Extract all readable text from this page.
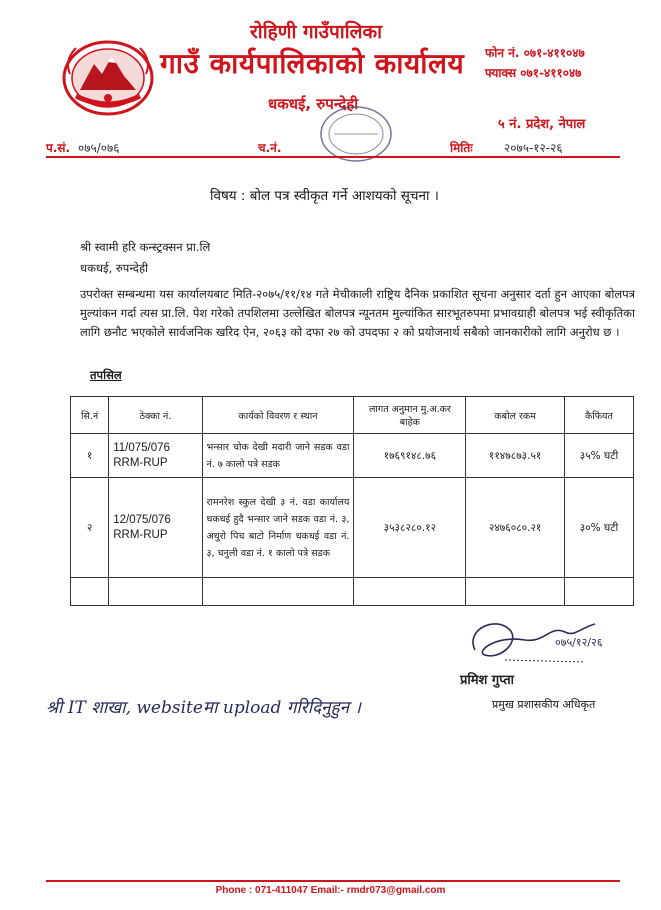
रोहिणी गाउँपालिका
गाउँ कार्यपालिकाको कार्यालय
धकधई, रुपन्देही
फोन नं. ०७१-४११०४७
फ्याक्स ०७१-४११०४७
५ नं. प्रदेश, नेपाल
प.सं. ०७५/०७६	च.नं.	मितिः	२०७५-१२-२६
विषय : बोल पत्र स्वीकृत गर्ने आशयको सूचना ।
श्री स्वामी हरि कन्स्ट्रक्सन प्रा.लि
धकधई, रुपन्देही
उपरोक्त सम्बन्धमा यस कार्यालयबाट मिति-२०७५/११/१४ गते मेचीकाली राष्ट्रिय दैनिक प्रकाशित सूचना अनुसार दर्ता हुन आएका बोलपत्र मुल्यांकन गर्दा त्यस प्रा.लि. पेश गरेको तपशिलमा उल्लेखित बोलपत्र न्यूनतम मुल्यांकित सारभूतरुपमा प्रभावग्राही बोलपत्र भई स्वीकृतिका लागि छनौट भएकोले सार्वजनिक खरिद ऐन, २०६३ को दफा २७ को उपदफा २ को प्रयोजनार्थ सबैको जानकारीको लागि अनुरोध छ ।
तपसिल
सि.नं	ठेक्का नं.	कार्यको विवरण र स्थान	लागत अनुमान मु.अ.कर बाहेक	कबोल रकम	कैफियत
१	11/075/076 RRM-RUP	भन्सार चोक देखी मदारी जाने सडक वडा नं. ७ कालो पत्रे सडक	१७६९१४८.७६	११४७८७३.५१	३५% घटी
२	12/075/076 RRM-RUP	रामनरेश स्कुल देखी ३ नं. वडा कार्यालय धकधई हुदै भन्सार जाने सडक वडा नं. ३, अधुरो पिच बाटो निर्माण धकधई वडा नं. ३, चनुली वडा नं. १ कालो पत्रे सडक	३५३८२८०.१२	२४७६०८०.२१	३०% घटी

०७५/१२/२६
प्रमिश गुप्ता
प्रमुख प्रशासकीय अधिकृत
श्री IT शाखा, websiteमा upload गरिदिनुहुन ।
Phone : 071-411047 Email:- rmdr073@gmail.com
